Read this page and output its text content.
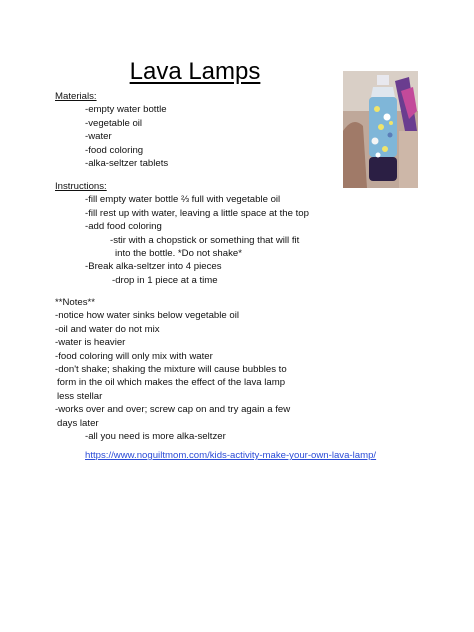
Lava Lamps
Materials:
-empty water bottle
-vegetable oil
-water
-food coloring
-alka-seltzer tablets
Instructions:
-fill empty water bottle ⅔ full with vegetable oil
-fill rest up with water, leaving a little space at the top
-add food coloring
-stir with a chopstick or something that will fit
into the bottle. *Do not shake*
-Break alka-seltzer into 4 pieces
-drop in 1 piece at a time
**Notes**
-notice how water sinks below vegetable oil
-oil and water do not mix
-water is heavier
-food coloring will only mix with water
-don't shake; shaking the mixture will cause bubbles to
form in the oil which makes the effect of the lava lamp
less stellar
-works over and over; screw cap on and try again a few
days later
-all you need is more alka-seltzer
https://www.noguiltmom.com/kids-activity-make-your-own-lava-lamp/
